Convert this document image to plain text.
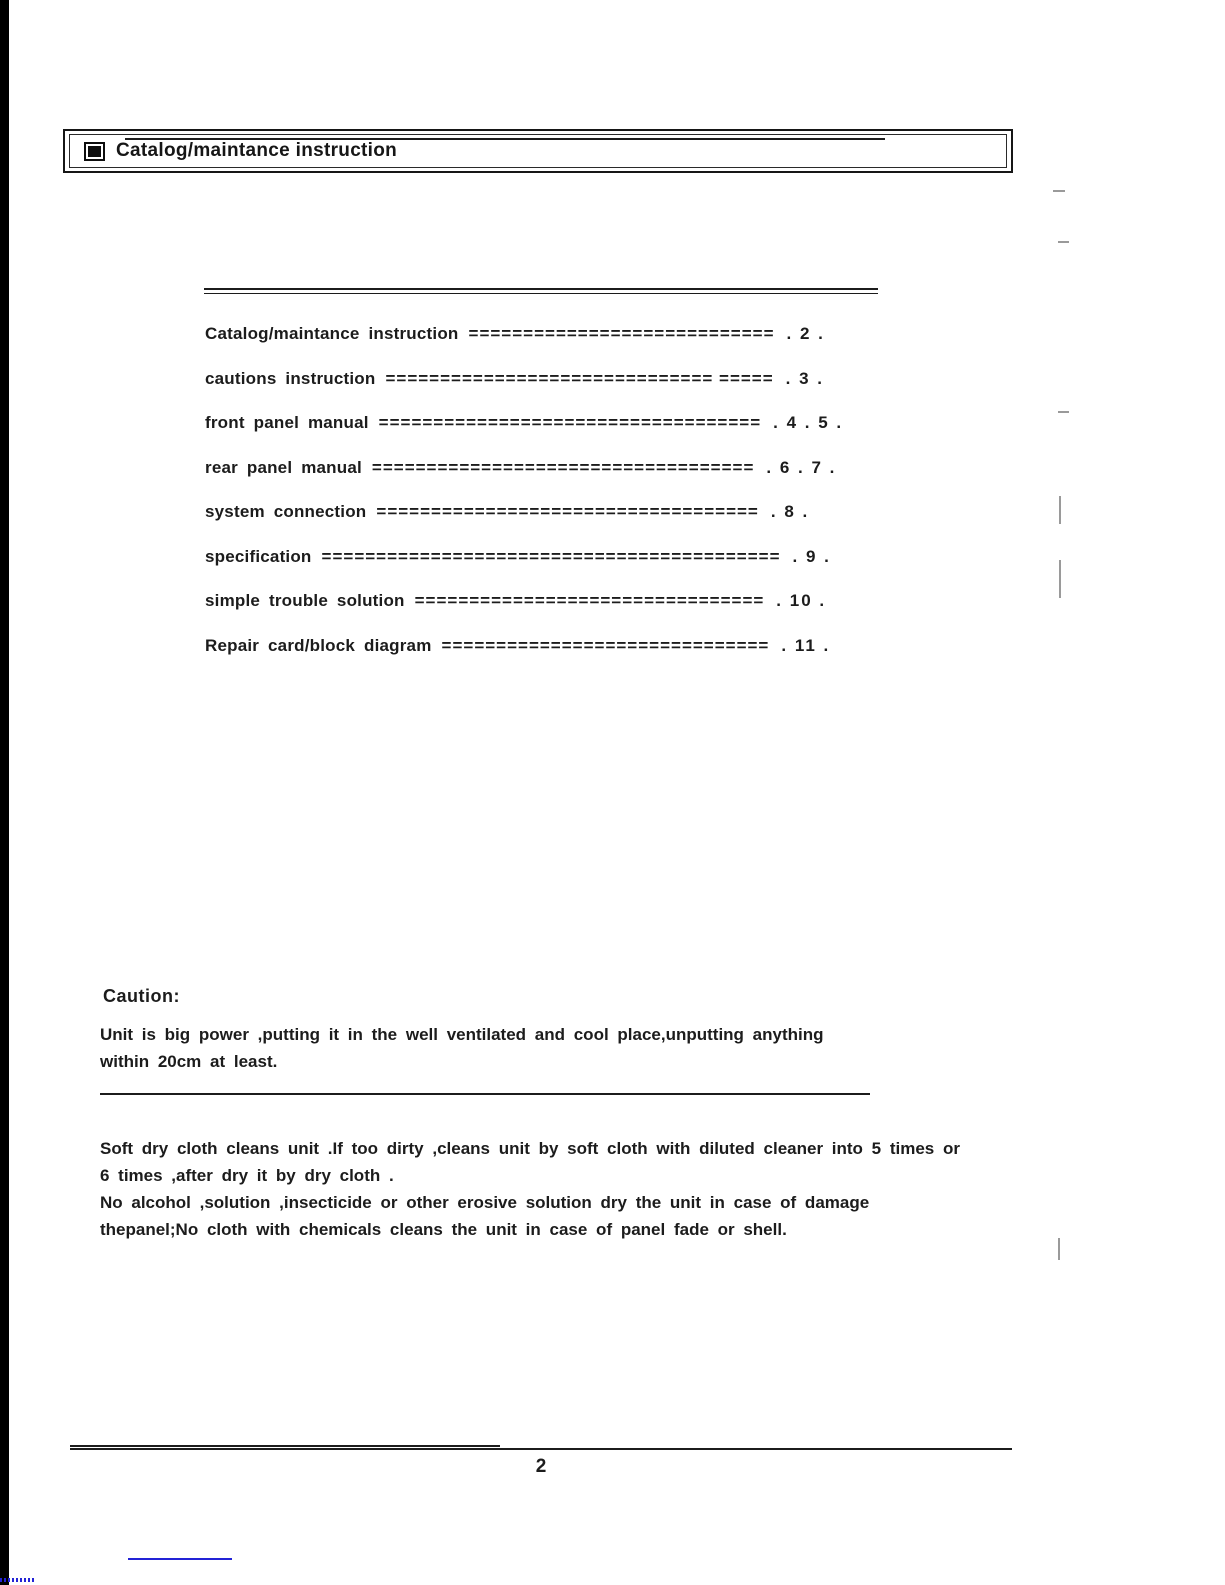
Catalog/maintance instruction
Catalog/maintance instruction ============================ . 2 .
cautions instruction ============================== ===== . 3 .
front panel manual =================================== . 4 . 5 .
rear panel manual =================================== . 6 . 7 .
system connection =================================== . 8 .
specification ========================================== . 9 .
simple trouble solution ================================ . 10 .
Repair card/block diagram ============================== . 11 .
Caution:
Unit is big power ,putting it in the well ventilated and cool place,unputting anything within 20cm at least.
Soft dry cloth cleans unit .If too dirty ,cleans unit by soft cloth with diluted cleaner into 5 times or 6 times ,after dry it by dry cloth .
No alcohol ,solution ,insecticide or other erosive solution dry the unit in case of damage thepanel;No cloth with chemicals cleans the unit in case of panel fade or shell.
2
